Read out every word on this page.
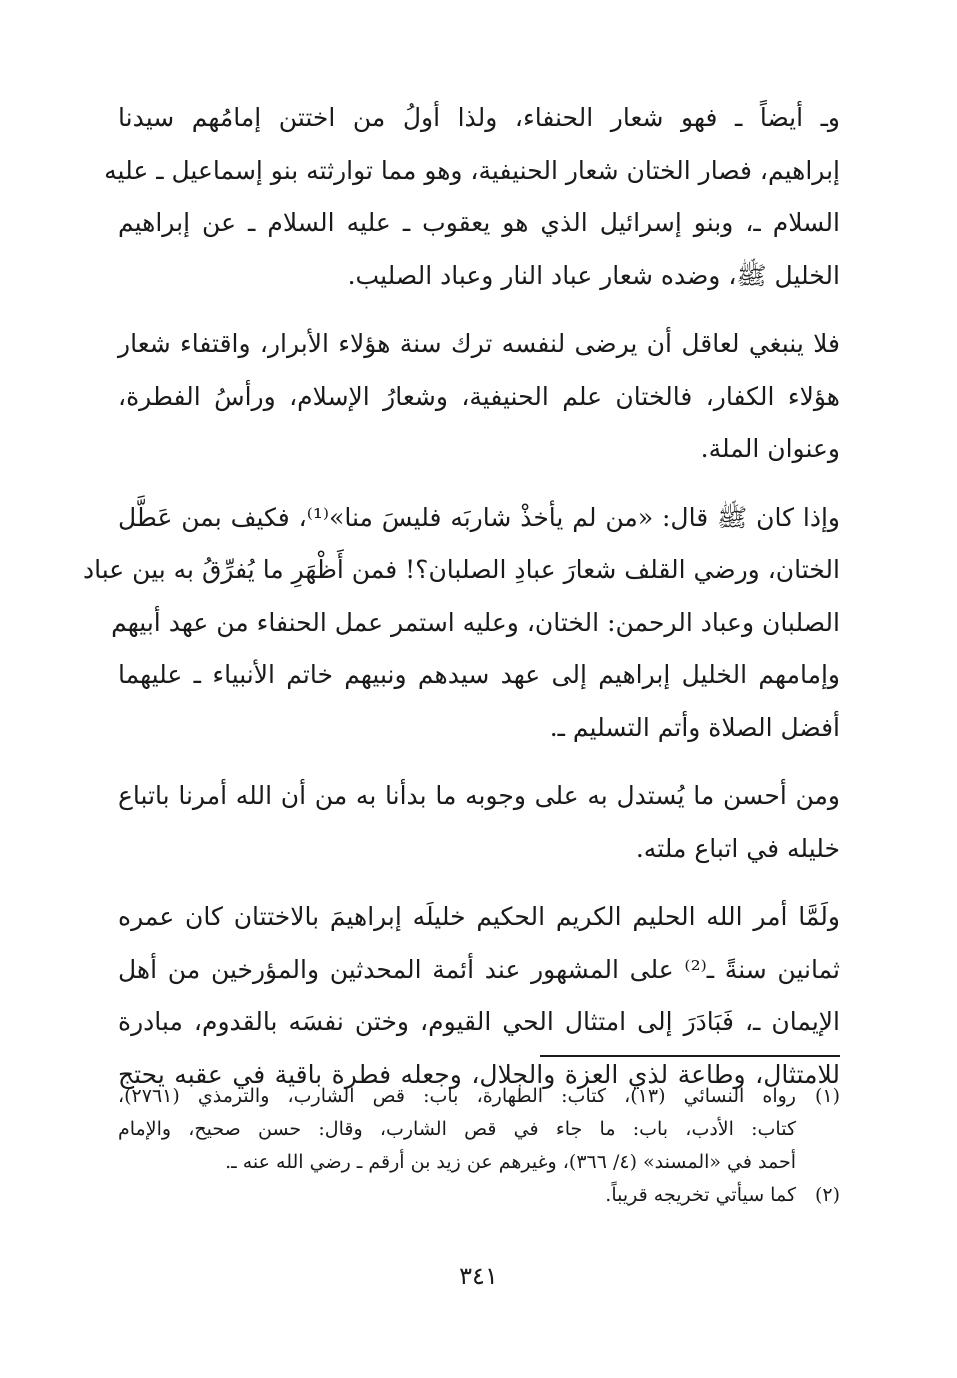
وـ أيضاً ـ فهو شعار الحنفاء، ولذا أولُ من اختتن إمامُهم سيدنا
إبراهيم، فصار الختان شعار الحنيفية، وهو مما توارثته بنو إسماعيل ـ عليه
السلام ـ، وبنو إسرائيل الذي هو يعقوب ـ عليه السلام ـ عن إبراهيم
الخليل ﷺ، وضده شعار عباد النار وعباد الصليب.

فلا ينبغي لعاقل أن يرضى لنفسه ترك سنة هؤلاء الأبرار، واقتفاء شعار
هؤلاء الكفار، فالختان علم الحنيفية، وشعارُ الإسلام، ورأسُ الفطرة،
وعنوان الملة.

وإذا كان ﷺ قال: «من لم يأخذْ شاربَه فليسَ منا»⁽¹⁾، فكيف بمن عَطَّل
الختان، ورضي القلف شعارَ عبادِ الصلبان؟! فمن أَظْهَرِ ما يُفرِّقُ به بين عباد
الصلبان وعباد الرحمن: الختان، وعليه استمر عمل الحنفاء من عهد أبيهم
وإمامهم الخليل إبراهيم إلى عهد سيدهم ونبيهم خاتم الأنبياء ـ عليهما
أفضل الصلاة وأتم التسليم ـ.

ومن أحسن ما يُستدل به على وجوبه ما بدأنا به من أن الله أمرنا باتباع
خليله في اتباع ملته.

ولَمَّا أمر الله الحليم الكريم الحكيم خليلَه إبراهيمَ بالاختتان كان عمره
ثمانين سنةً ـ⁽²⁾ على المشهور عند أئمة المحدثين والمؤرخين من أهل
الإيمان ـ، فَبَادَرَ إلى امتثال الحي القيوم، وختن نفسَه بالقدوم، مبادرة
للامتثال، وطاعة لذي العزة والجلال، وجعله فطرة باقية في عقبه يحتج

(١)
رواه النسائي (١٣)، كتاب: الطهارة، باب: قص الشارب، والترمذي (٢٧٦١)،
كتاب: الأدب، باب: ما جاء في قص الشارب، وقال: حسن صحيح، والإمام
أحمد في «المسند» (٤/ ٣٦٦)، وغيرهم عن زيد بن أرقم ـ رضي الله عنه ـ.
(٢)
كما سيأتي تخريجه قريباً.
٣٤١
